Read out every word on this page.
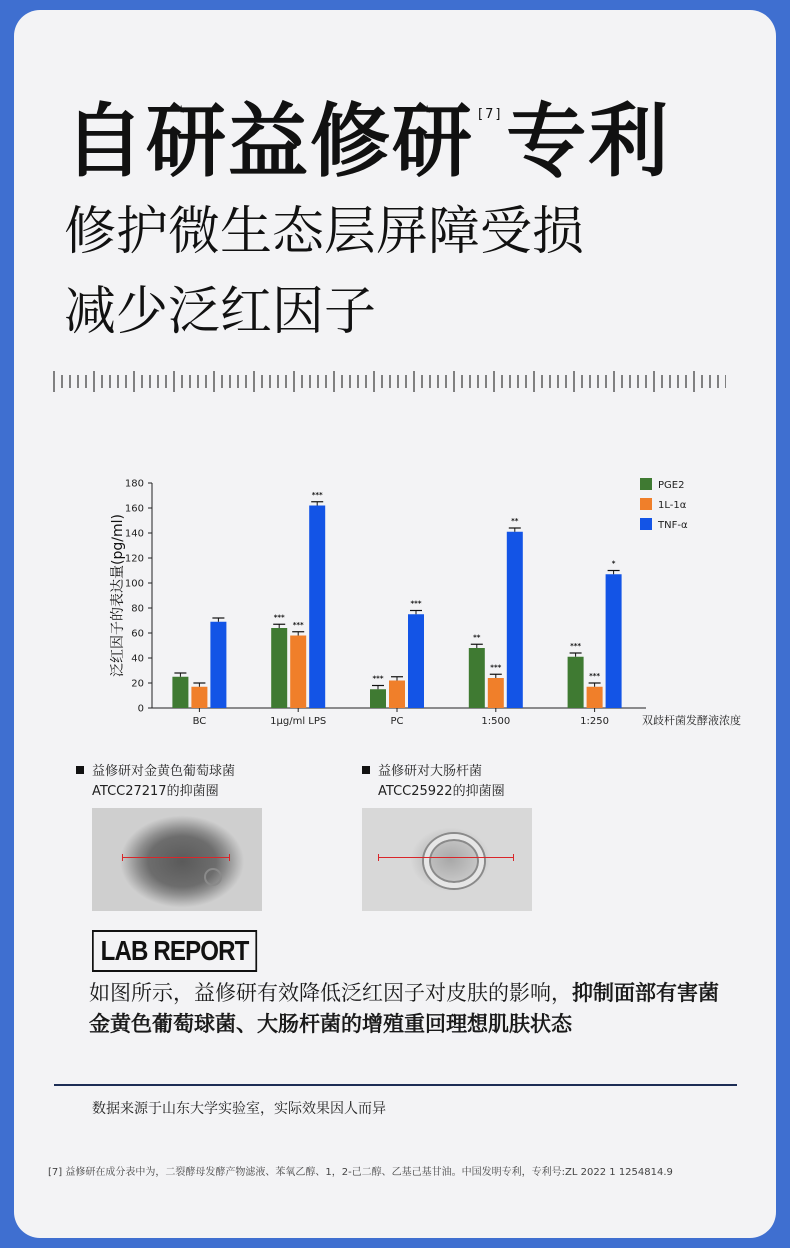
自研益修研 [7]专利
修护微生态层屏障受损
减少泛红因子
0
20
40
60
80
100
120
140
160
180
泛红因子的表达量(pg/ml)
双歧杆菌发酵液浓度
BC	1μg/ml LPS
***
***
***
PC
***
***
1:500
**
***
**
1:250
***
***
*
PGE2
1L-1α
TNF-α
益修研对金黄色葡萄球菌
ATCC27217的抑菌圈
益修研对大肠杆菌
ATCC25922的抑菌圈
LAB REPORT
如图所示，益修研有效降低泛红因子对皮肤的影响，抑制面部有害菌金黄色葡萄球菌、大肠杆菌的增殖重回理想肌肤状态
数据来源于山东大学实验室，实际效果因人而异
[7] 益修研在成分表中为，二裂酵母发酵产物滤液、苯氧乙醇、1，2-己二醇、乙基己基甘油。中国发明专利，专利号:ZL 2022 1 1254814.9
